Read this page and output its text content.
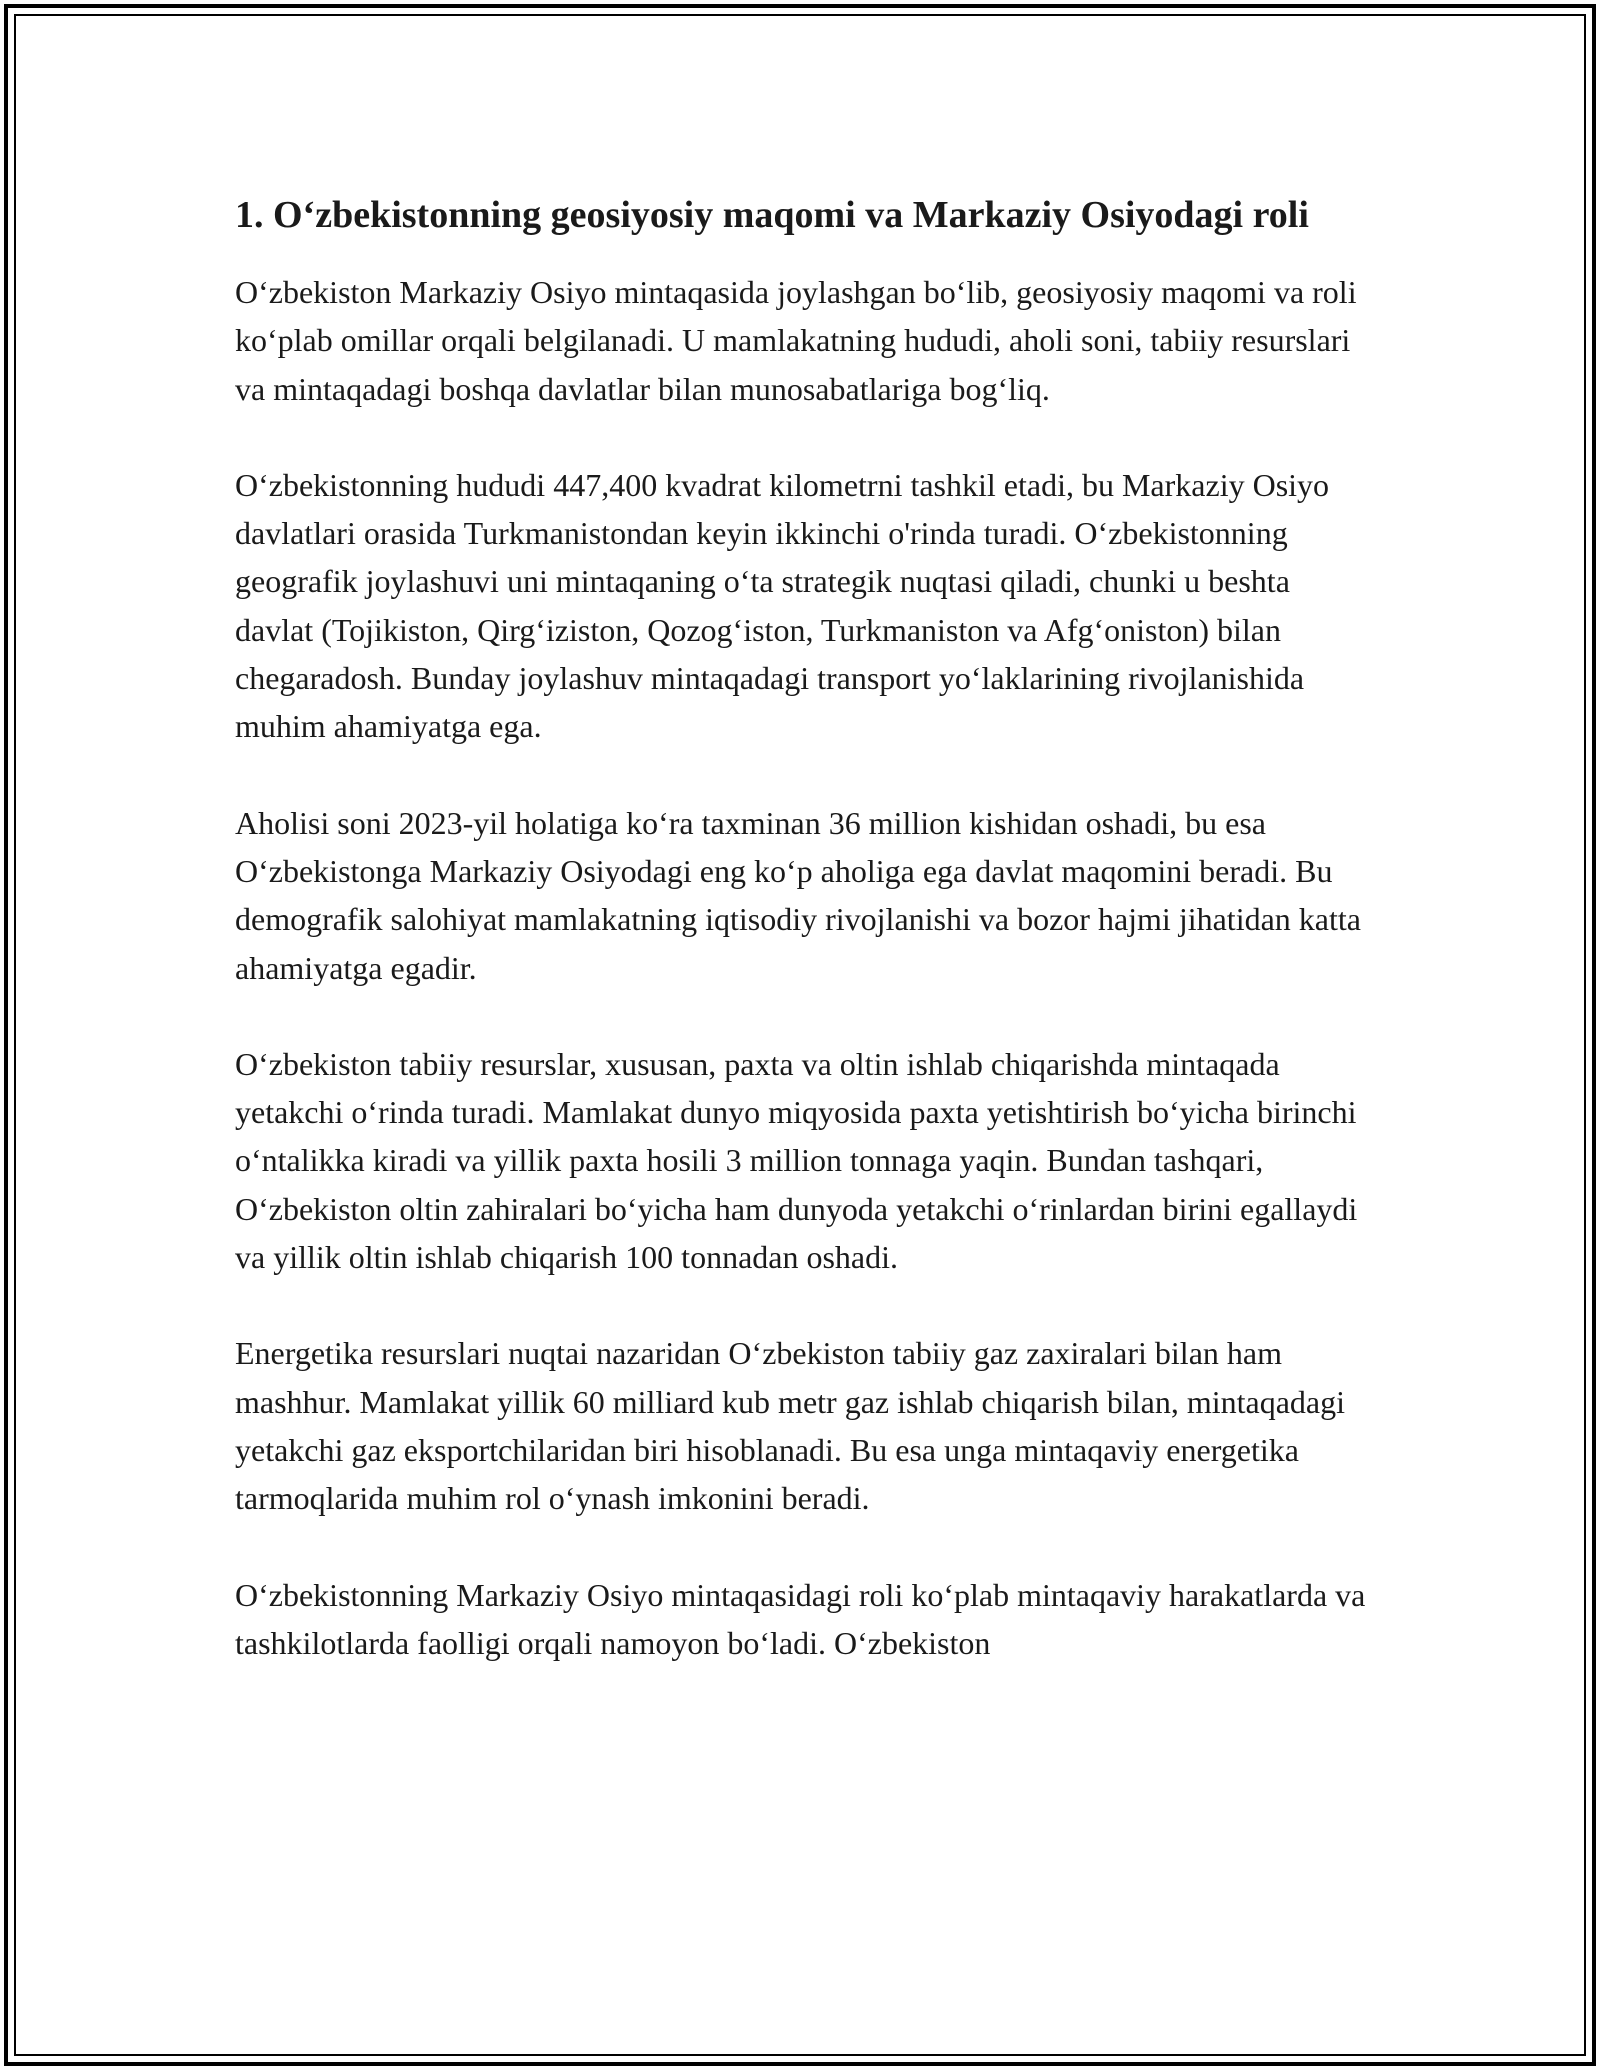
1. O‘zbekistonning geosiyosiy maqomi va Markaziy Osiyodagi roli

O‘zbekiston Markaziy Osiyo mintaqasida joylashgan bo‘lib, geosiyosiy maqomi va roli ko‘plab omillar orqali belgilanadi. U mamlakatning hududi, aholi soni, tabiiy resurslari va mintaqadagi boshqa davlatlar bilan munosabatlariga bog‘liq.

O‘zbekistonning hududi 447,400 kvadrat kilometrni tashkil etadi, bu Markaziy Osiyo davlatlari orasida Turkmanistondan keyin ikkinchi o'rinda turadi. O‘zbekistonning geografik joylashuvi uni mintaqaning o‘ta strategik nuqtasi qiladi, chunki u beshta davlat (Tojikiston, Qirg‘iziston, Qozog‘iston, Turkmaniston va Afg‘oniston) bilan chegaradosh. Bunday joylashuv mintaqadagi transport yo‘laklarining rivojlanishida muhim ahamiyatga ega.

Aholisi soni 2023-yil holatiga ko‘ra taxminan 36 million kishidan oshadi, bu esa O‘zbekistonga Markaziy Osiyodagi eng ko‘p aholiga ega davlat maqomini beradi. Bu demografik salohiyat mamlakatning iqtisodiy rivojlanishi va bozor hajmi jihatidan katta ahamiyatga egadir.

O‘zbekiston tabiiy resurslar, xususan, paxta va oltin ishlab chiqarishda mintaqada yetakchi o‘rinda turadi. Mamlakat dunyo miqyosida paxta yetishtirish bo‘yicha birinchi o‘ntalikka kiradi va yillik paxta hosili 3 million tonnaga yaqin. Bundan tashqari, O‘zbekiston oltin zahiralari bo‘yicha ham dunyoda yetakchi o‘rinlardan birini egallaydi va yillik oltin ishlab chiqarish 100 tonnadan oshadi.

Energetika resurslari nuqtai nazaridan O‘zbekiston tabiiy gaz zaxiralari bilan ham mashhur. Mamlakat yillik 60 milliard kub metr gaz ishlab chiqarish bilan, mintaqadagi yetakchi gaz eksportchilaridan biri hisoblanadi. Bu esa unga mintaqaviy energetika tarmoqlarida muhim rol o‘ynash imkonini beradi.

O‘zbekistonning Markaziy Osiyo mintaqasidagi roli ko‘plab mintaqaviy harakatlarda va tashkilotlarda faolligi orqali namoyon bo‘ladi. O‘zbekiston
